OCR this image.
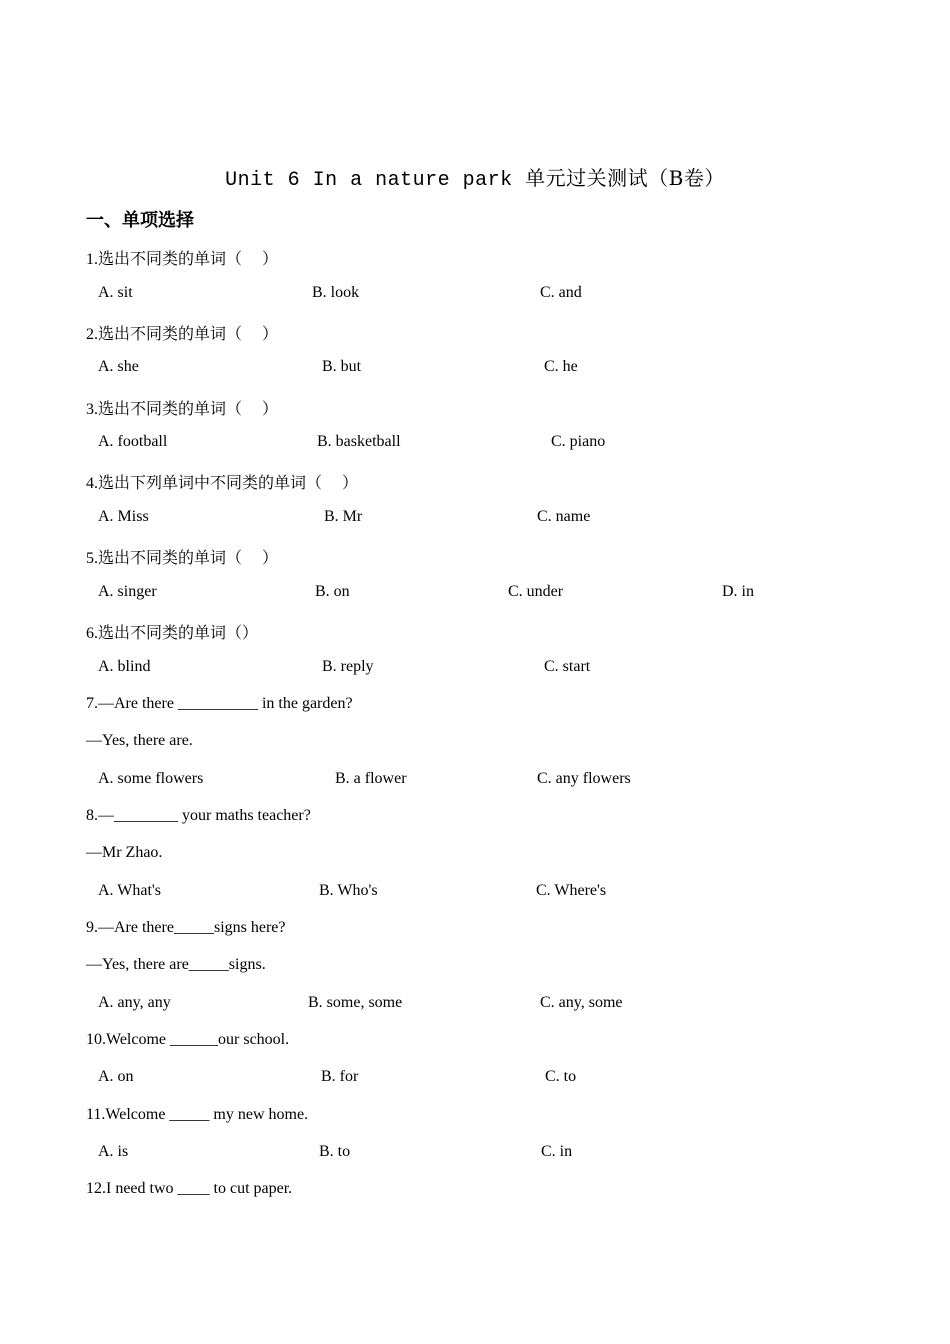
Unit 6 In a nature park 单元过关测试（B卷）
一、单项选择
1.选出不同类的单词（　 ）
A. sit	B. look	C. and
2.选出不同类的单词（　 ）
A. she	B. but	C. he
3.选出不同类的单词（　 ）
A. football	B. basketball	C. piano
4.选出下列单词中不同类的单词（　 ）
A. Miss	B. Mr	C. name
5.选出不同类的单词（　 ）
A. singer	B. on	C. under	D. in
6.选出不同类的单词（）
A. blind	B. reply	C. start
7.—Are there __________ in the garden?
—Yes, there are.
A. some flowers	B. a flower	C. any flowers
8.—________ your maths teacher?
—Mr Zhao.
A. What's	B. Who's	C. Where's
9.—Are there_____signs here?
—Yes, there are_____signs.
A. any, any	B. some, some	C. any, some
10.Welcome ______our school.
A. on	B. for	C. to
11.Welcome _____ my new home.
A. is	B. to	C. in
12.I need two ____ to cut paper.
